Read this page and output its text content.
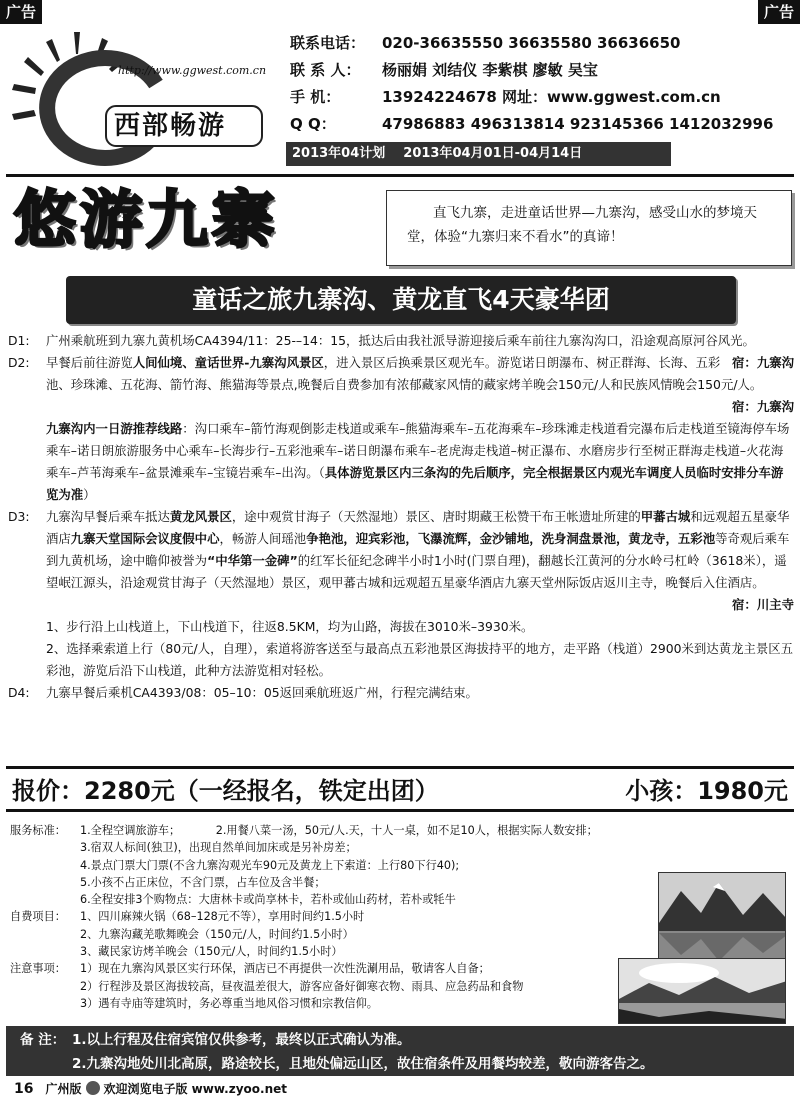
广告	广告
http://www.ggwest.com.cn
西部畅游
联系电话： 020-36635550 36635580 36636650
联 系 人： 杨丽娟 刘结仪 李紫棋 廖敏 吴宝
手 机：	13924224678 网址：www.ggwest.com.cn
Q Q：	47986883 496313814 923145366 1412032996
2013年04计划 2013年04月01日-04月14日
悠游九寨	直飞九寨，走进童话世界—九寨沟，感受山水的梦境天堂，体验“九寨归来不看水”的真谛！
童话之旅九寨沟、黄龙直飞4天豪华团
D1: 广州乘航班到九寨九黄机场CA4394/11：25-–14：15，抵达后由我社派导游迎接后乘车前往九寨沟沟口，沿途观高原河谷风光。
宿：九寨沟
D2: 早餐后前往游览人间仙境、童话世界-九寨沟风景区，进入景区后换乘景区观光车。游览诺日朗瀑布、树正群海、长海、五彩池、珍珠滩、五花海、箭竹海、熊猫海等景点,晚餐后自费参加有浓郁藏家风情的藏家烤羊晚会150元/人和民族风情晚会150元/人。
宿：九寨沟
九寨沟内一日游推荐线路：沟口乘车–箭竹海观倒影走栈道或乘车–熊猫海乘车–五花海乘车–珍珠滩走栈道看完瀑布后走栈道至镜海停车场乘车–诺日朗旅游服务中心乘车–长海步行–五彩池乘车–诺日朗瀑布乘车–老虎海走栈道–树正瀑布、水磨房步行至树正群海走栈道–火花海乘车–芦苇海乘车–盆景滩乘车–宝镜岩乘车–出沟。（具体游览景区内三条沟的先后顺序，完全根据景区内观光车调度人员临时安排分车游览为准）
D3: 九寨沟早餐后乘车抵达黄龙风景区，途中观赏甘海子（天然湿地）景区、唐时期藏王松赞干布王帐遗址所建的甲蕃古城和远观超五星豪华酒店九寨天堂国际会议度假中心，畅游人间瑶池争艳池，迎宾彩池，飞瀑流辉，金沙铺地，洗身洞盘景池，黄龙寺，五彩池等奇观后乘车到九黄机场，途中瞻仰被誉为“中华第一金碑”的红军长征纪念碑半小时1小时(门票自理)，翻越长江黄河的分水岭弓杠岭（3618米），遥望岷江源头，沿途观赏甘海子（天然湿地）景区，观甲蕃古城和远观超五星豪华酒店九寨天堂州际饭店返川主寺，晚餐后入住酒店。
宿：川主寺
1、步行沿上山栈道上，下山栈道下，往返8.5KM，均为山路，海拔在3010米–3930米。
2、选择乘索道上行（80元/人，自理），索道将游客送至与最高点五彩池景区海拔持平的地方，走平路（栈道）2900米到达黄龙主景区五彩池，游览后沿下山栈道，此种方法游览相对轻松。
D4: 九寨早餐后乘机CA4393/08：05–10：05返回乘航班返广州，行程完满结束。
报价：2280元（一经报名，铁定出团）	小孩：1980元
服务标准： 1.全程空调旅游车；          2.用餐八菜一汤，50元/人.天，十人一桌，如不足10人，根据实际人数安排；
3.宿双人标间(独卫)，出现自然单间加床或是另补房差；
4.景点门票大门票(不含九寨沟观光车90元及黄龙上下索道：上行80下行40);
5.小孩不占正床位，不含门票，占车位及含半餐；
6.全程安排3个购物点：大唐林卡或尚享林卡，若朴或仙山药材，若朴或牦牛
自费项目： 1、四川麻辣火锅（68–128元不等），享用时间约1.5小时
2、九寨沟藏羌歌舞晚会（150元/人，时间约1.5小时）
3、藏民家访烤羊晚会（150元/人，时间约1.5小时）
注意事项： 1）现在九寨沟风景区实行环保，酒店已不再提供一次性洗涮用品，敬请客人自备；
2）行程涉及景区海拔较高，昼夜温差很大，游客应备好御寒衣物、雨具、应急药品和食物
3）遇有寺庙等建筑时，务必尊重当地风俗习惯和宗教信仰。
备 注： 1.以上行程及住宿宾馆仅供参考，最终以正式确认为准。
2.九寨沟地处川北高原，路途较长，且地处偏远山区，故住宿条件及用餐均较差，敬向游客告之。
16 广州版 欢迎浏览电子版 www.zyoo.net
